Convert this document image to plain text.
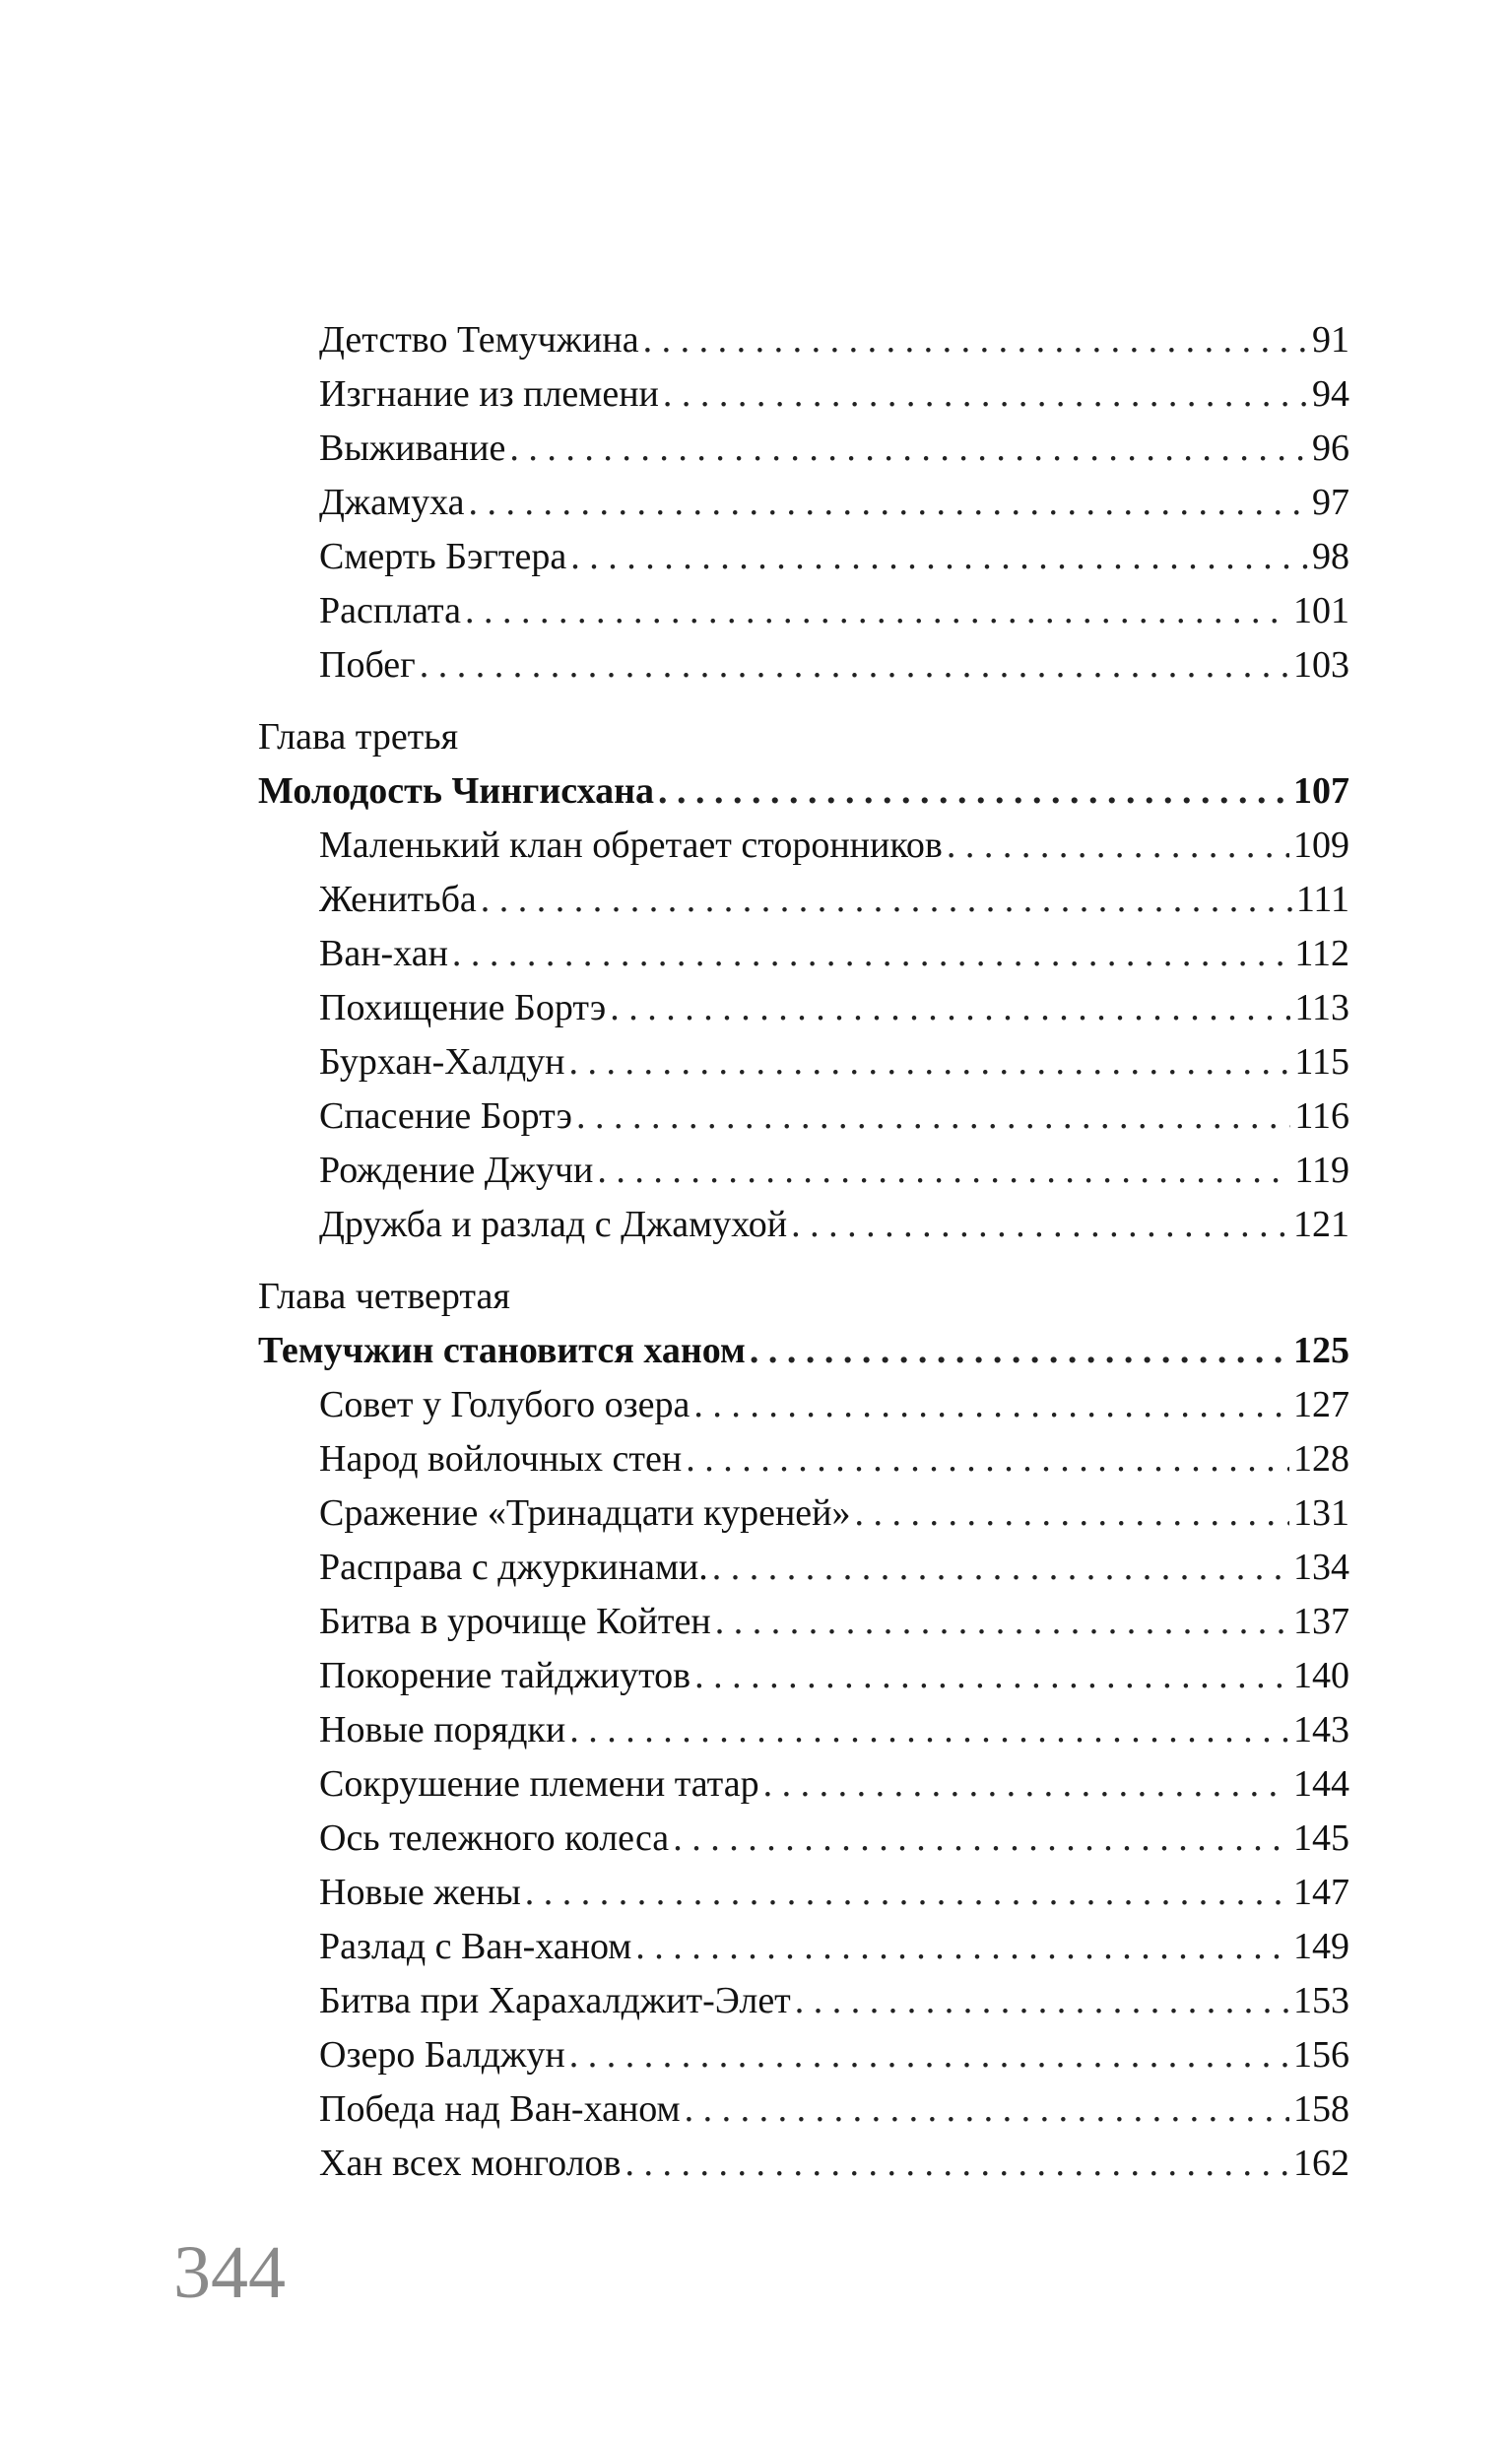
Детство Темучжина . . .	91
Изгнание из племени . . .	94
Выживание . . .	96
Джамуха . . .	97
Смерть Бэгтера . . .	98
Расплата . . .	101
Побег . . .	103
Глава третья
Молодость Чингисхана . . .	107
Маленький клан обретает сторонников . . .	109
Женитьба . . .	111
Ван-хан . . .	112
Похищение Бортэ . . .	113
Бурхан-Халдун . . .	115
Спасение Бортэ . . .	116
Рождение Джучи . . .	119
Дружба и разлад с Джамухой . . .	121
Глава четвертая
Темучжин становится ханом . . .	125
Совет у Голубого озера . . .	127
Народ войлочных стен . . .	128
Сражение «Тринадцати куреней» . . .	131
Расправа с джуркинами. . . .	134
Битва в урочище Койтен . . .	137
Покорение тайджиутов . . .	140
Новые порядки . . .	143
Сокрушение племени татар . . .	144
Ось тележного колеса . . .	145
Новые жены . . .	147
Разлад с Ван-ханом . . .	149
Битва при Харахалджит-Элет . . .	153
Озеро Балджун . . .	156
Победа над Ван-ханом . . .	158
Хан всех монголов . . .	162
344
